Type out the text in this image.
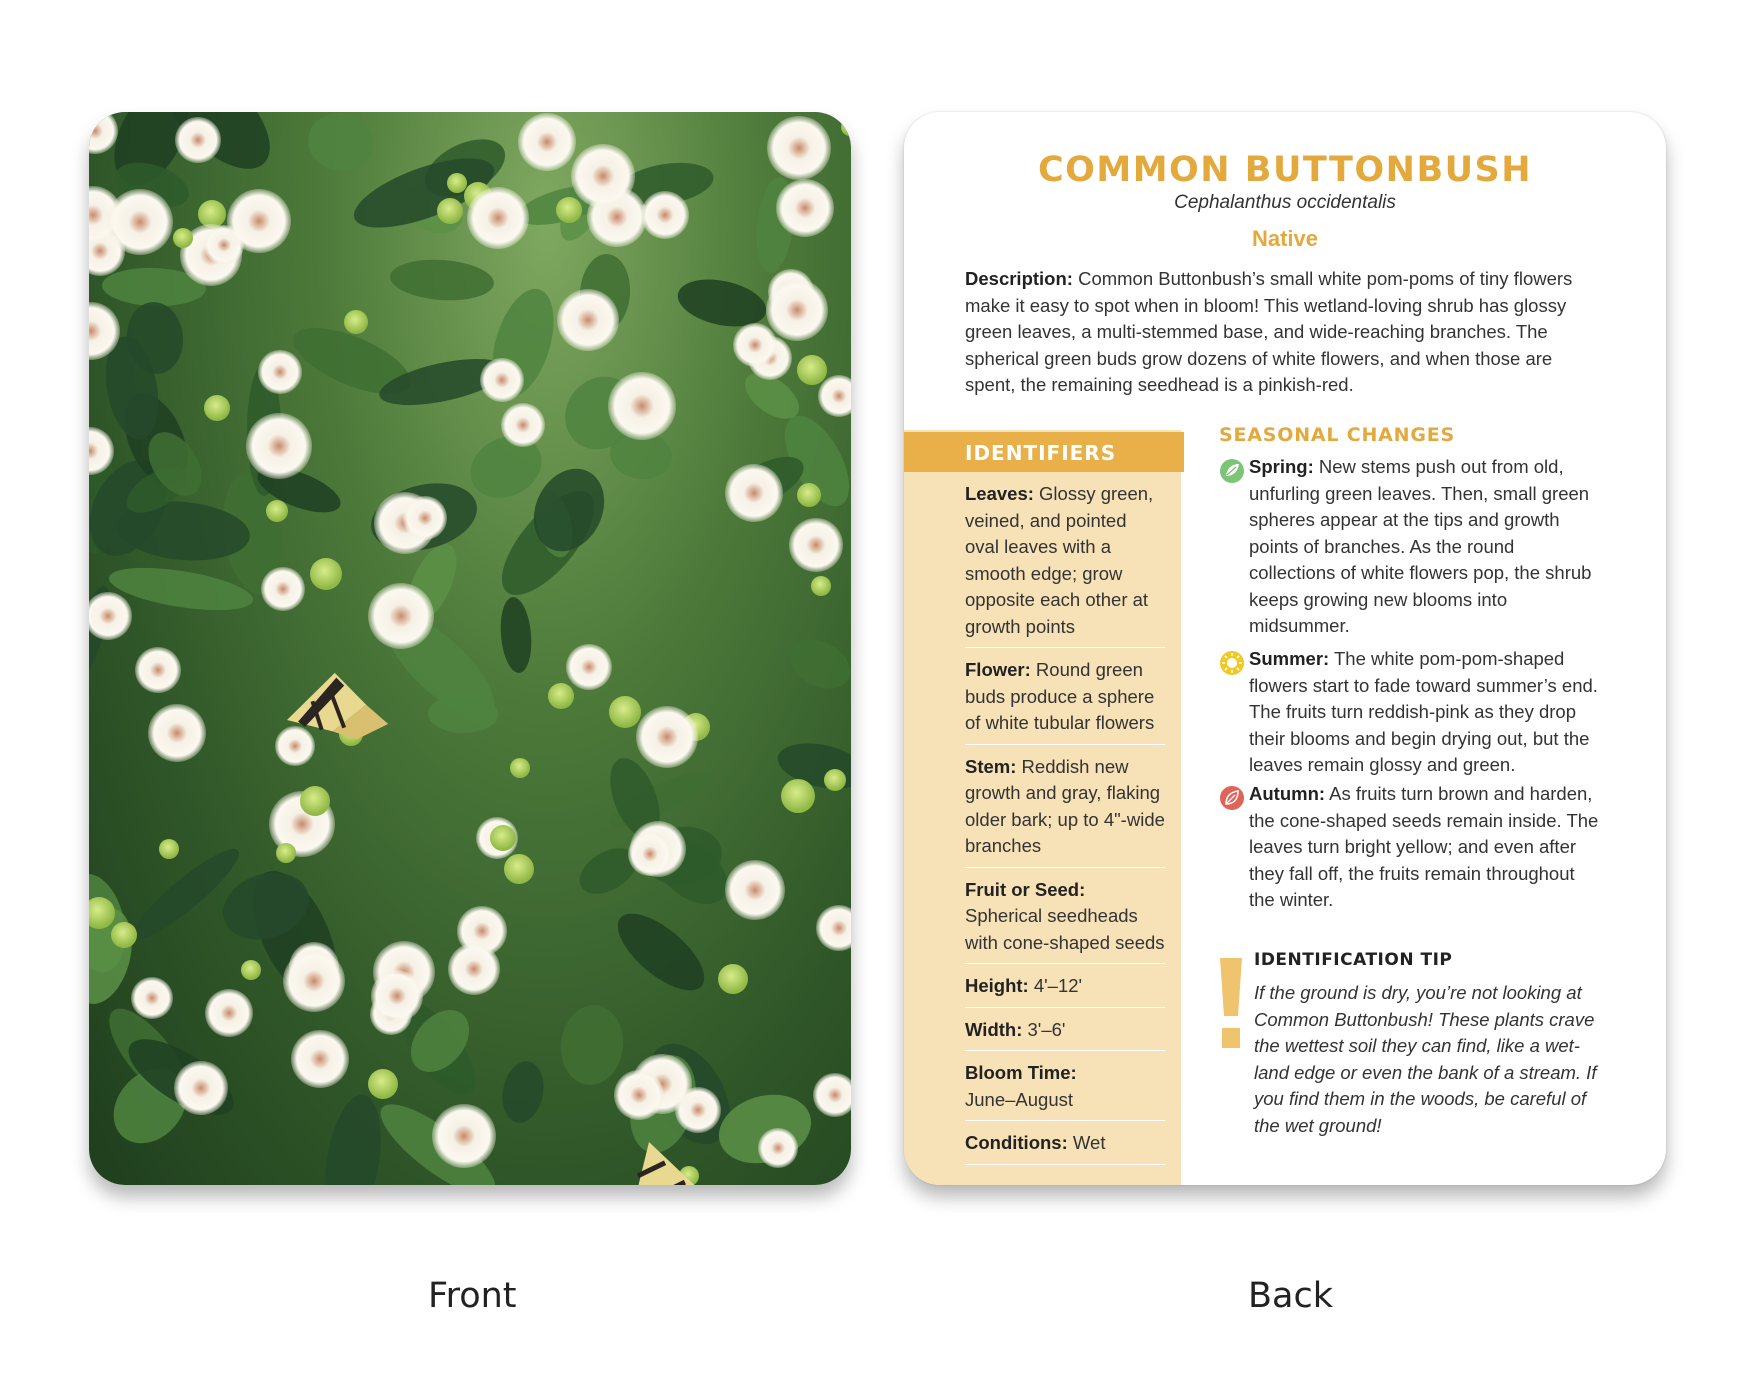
Front
COMMON BUTTONBUSH
Cephalanthus occidentalis
Native
Description: Common Buttonbush’s small white pom-poms of tiny flowers make it easy to spot when in bloom! This wetland-loving shrub has glossy green leaves, a multi-stemmed base, and wide-reaching branches. The spherical green buds grow dozens of white flowers, and when those are spent, the remaining seedhead is a pinkish-red.
IDENTIFIERS
Leaves: Glossy green, veined, and pointed oval leaves with a smooth edge; grow opposite each other at growth points
Flower: Round green buds produce a sphere of white tubular flowers
Stem: Reddish new growth and gray, flaking older bark; up to 4"-wide branches
Fruit or Seed: Spherical seedheads with cone-shaped seeds
Height: 4'–12'
Width: 3'–6'
Bloom Time:
June–August
Conditions: Wet
SEASONAL CHANGES
Spring: New stems push out from old, unfurling green leaves. Then, small green spheres appear at the tips and growth points of branches. As the round collections of white flowers pop, the shrub keeps growing new blooms into midsummer.
Summer: The white pom-pom-shaped flowers start to fade toward summer’s end. The fruits turn reddish-pink as they drop their blooms and begin drying out, but the leaves remain glossy and green.
Autumn: As fruits turn brown and harden, the cone-shaped seeds remain inside. The leaves turn bright yellow; and even after they fall off, the fruits remain throughout the winter.
IDENTIFICATION TIP
If the ground is dry, you’re not looking at Common Buttonbush! These plants crave the wettest soil they can find, like a wet-land edge or even the bank of a stream. If you find them in the woods, be careful of the wet ground!
Back
